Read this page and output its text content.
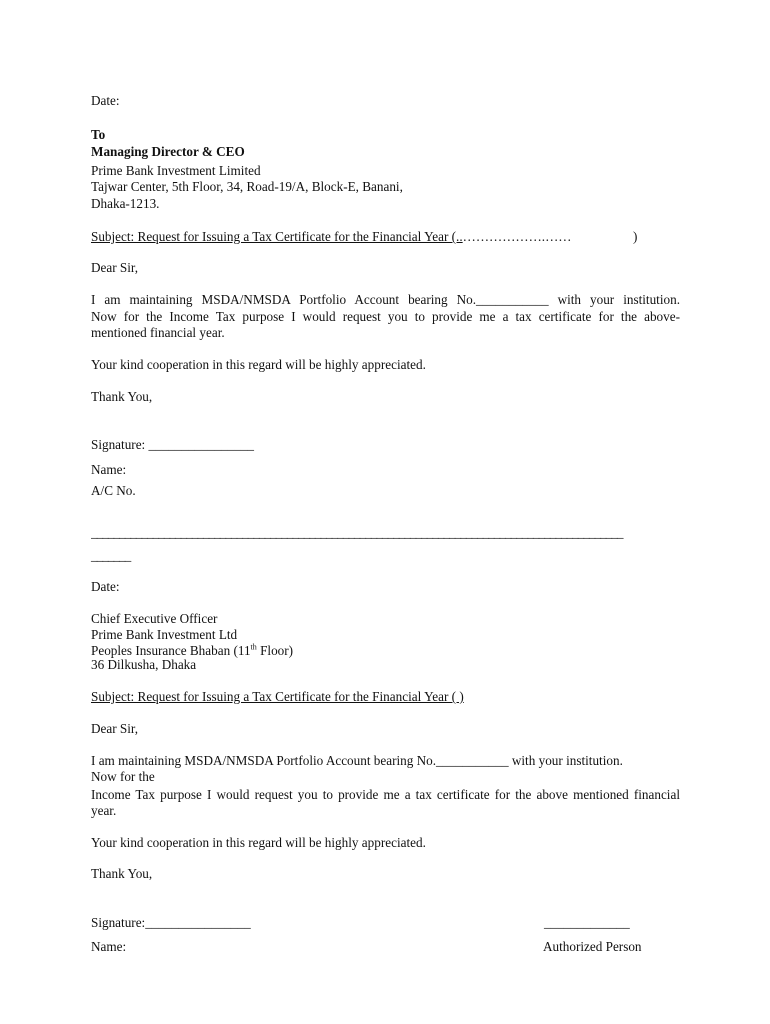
Date:
To
Managing Director & CEO
Prime Bank Investment Limited
Tajwar Center, 5th Floor, 34, Road-19/A, Block-E, Banani,
Dhaka-1213.
Subject: Request for Issuing a Tax Certificate for the Financial Year (..……………….……	)
Dear Sir,
I am maintaining MSDA/NMSDA Portfolio Account bearing No.___________ with your institution.
Now for the Income Tax purpose I would request you to provide me a tax certificate for the above-
mentioned financial year.
Your kind cooperation in this regard will be highly appreciated.
Thank You,
Signature: ________________
Name:
A/C No.
_______________________________________________________________________________________________
_______
Date:
Chief Executive Officer
Prime Bank Investment Ltd
Peoples Insurance Bhaban (11th Floor)
36 Dilkusha, Dhaka
Subject: Request for Issuing a Tax Certificate for the Financial Year ( )
Dear Sir,
I am maintaining MSDA/NMSDA Portfolio Account bearing No.___________ with your institution.
Now for the
Income Tax purpose I would request you to provide me a tax certificate for the above mentioned financial
year.
Your kind cooperation in this regard will be highly appreciated.
Thank You,
Signature:________________	_____________
Name:	Authorized Person
